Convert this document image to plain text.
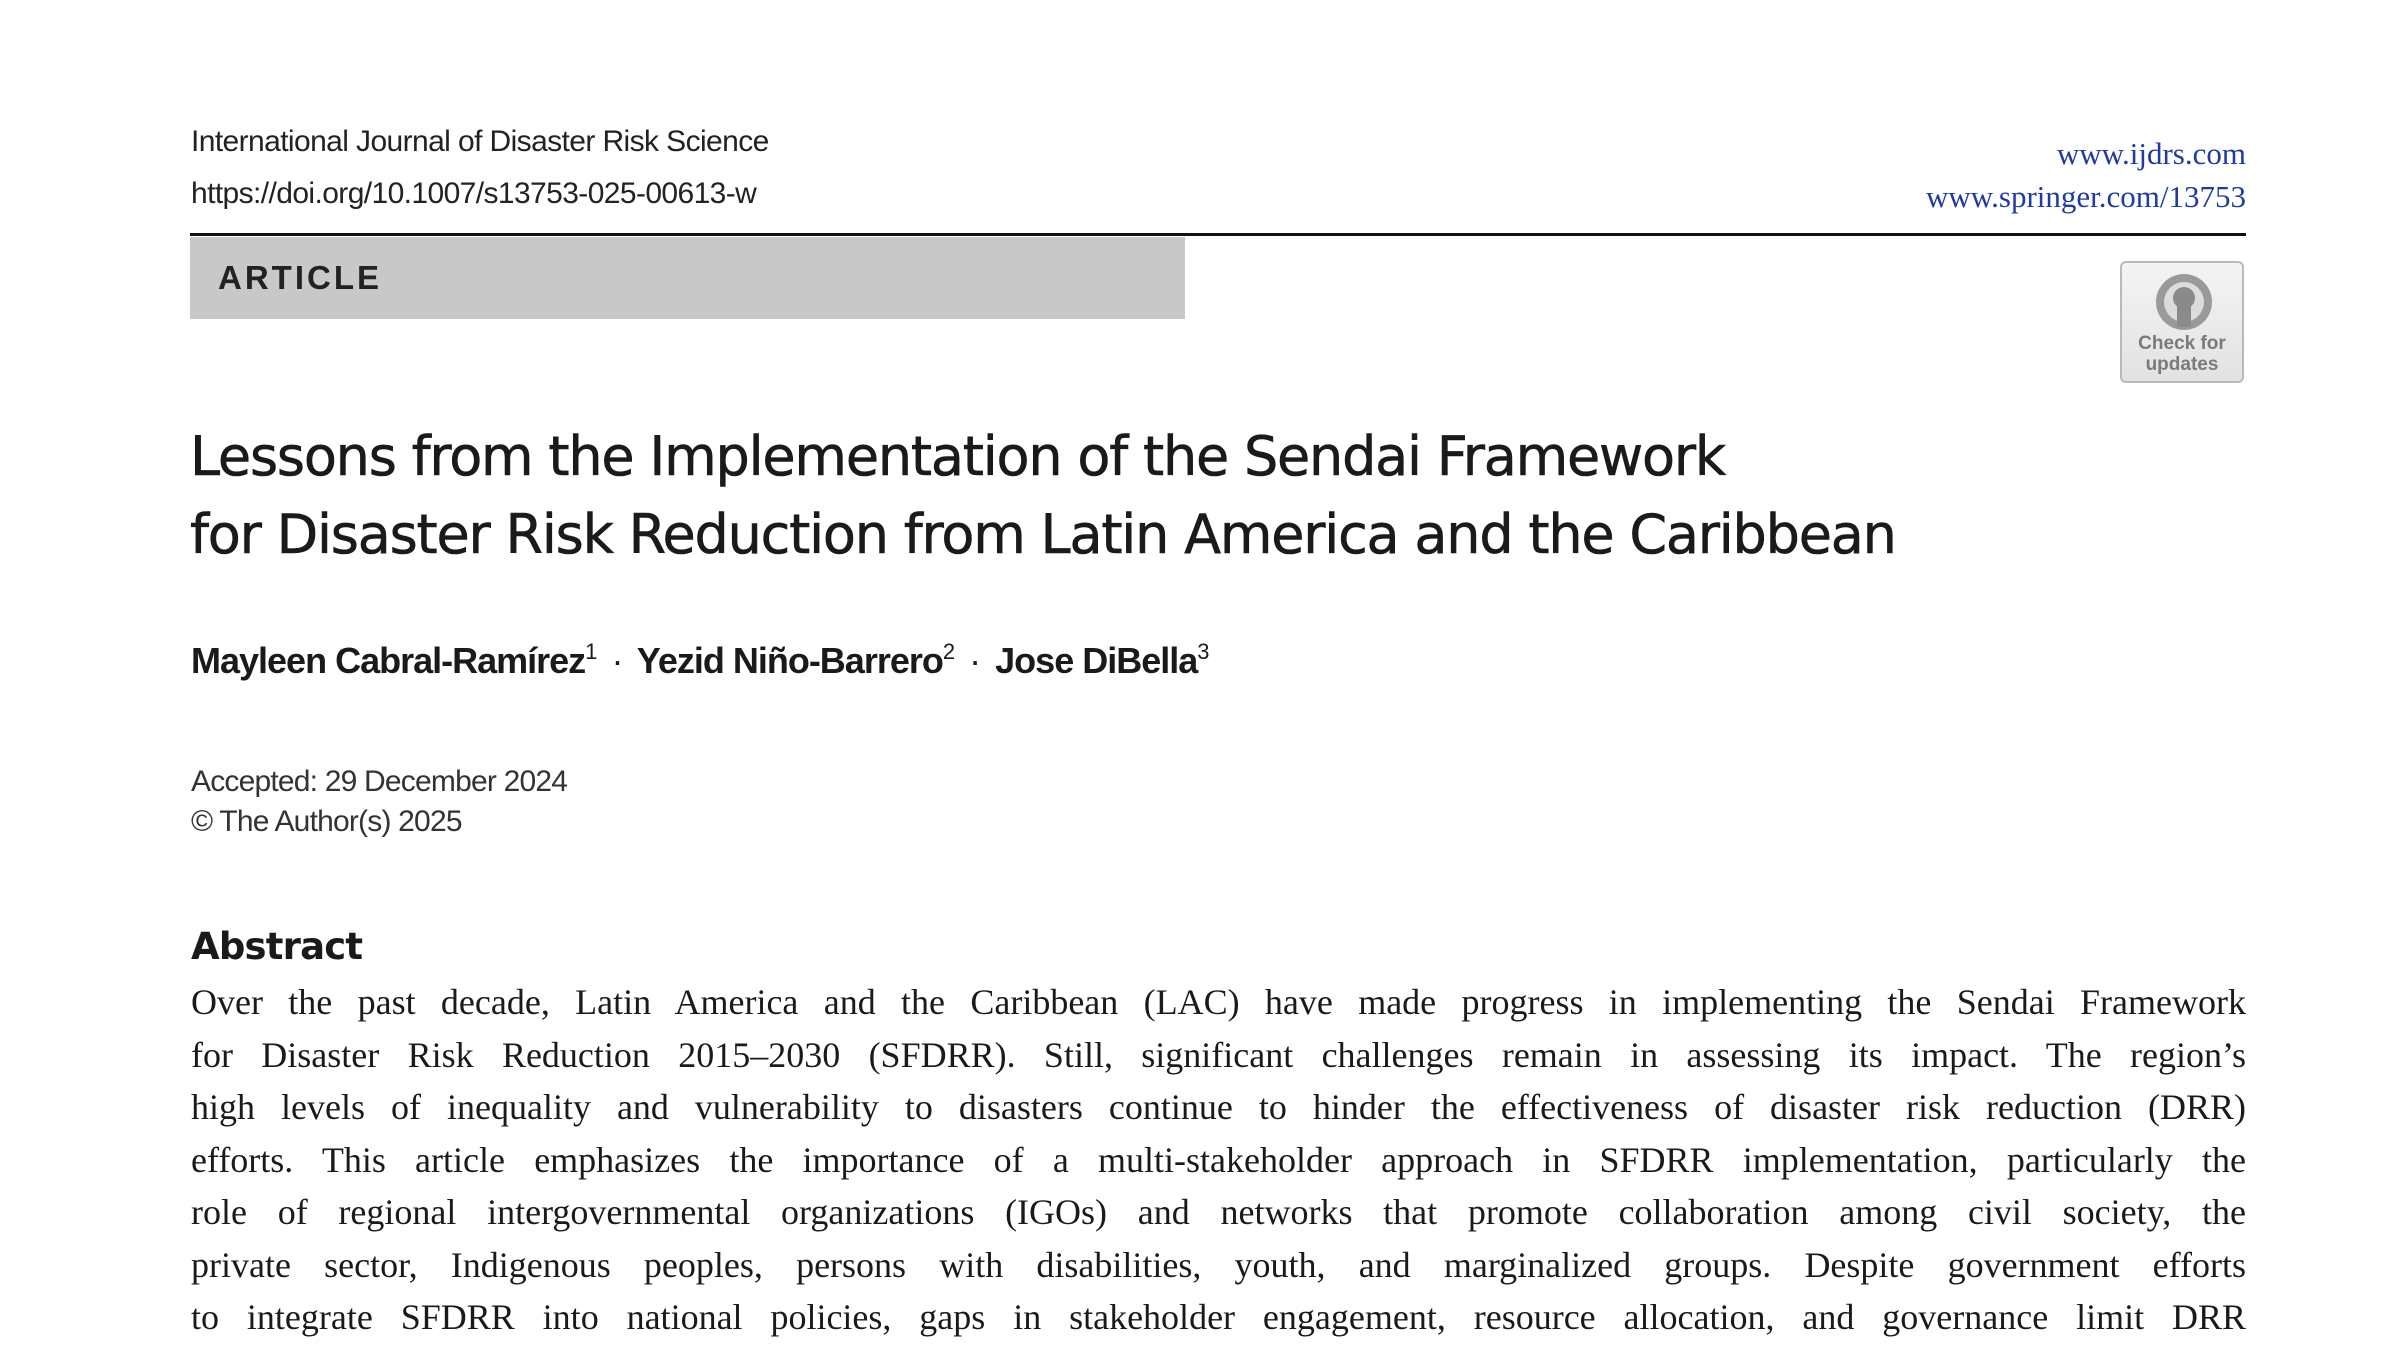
International Journal of Disaster Risk Science
https://doi.org/10.1007/s13753-025-00613-w
www.ijdrs.com
www.springer.com/13753
ARTICLE
Check for
updates
Lessons from the Implementation of the Sendai Framework
for Disaster Risk Reduction from Latin America and the Caribbean
Mayleen Cabral-Ramírez$^1$ · Yezid Niño-Barrero$^2$ · Jose DiBella$^3$
Accepted: 29 December 2024
© The Author(s) 2025
Abstract
Over the past decade, Latin America and the Caribbean (LAC) have made progress in implementing the Sendai Framework
for Disaster Risk Reduction 2015–2030 (SFDRR). Still, significant challenges remain in assessing its impact. The region’s
high levels of inequality and vulnerability to disasters continue to hinder the effectiveness of disaster risk reduction (DRR)
efforts. This article emphasizes the importance of a multi-stakeholder approach in SFDRR implementation, particularly the
role of regional intergovernmental organizations (IGOs) and networks that promote collaboration among civil society, the
private sector, Indigenous peoples, persons with disabilities, youth, and marginalized groups. Despite government efforts
to integrate SFDRR into national policies, gaps in stakeholder engagement, resource allocation, and governance limit DRR
